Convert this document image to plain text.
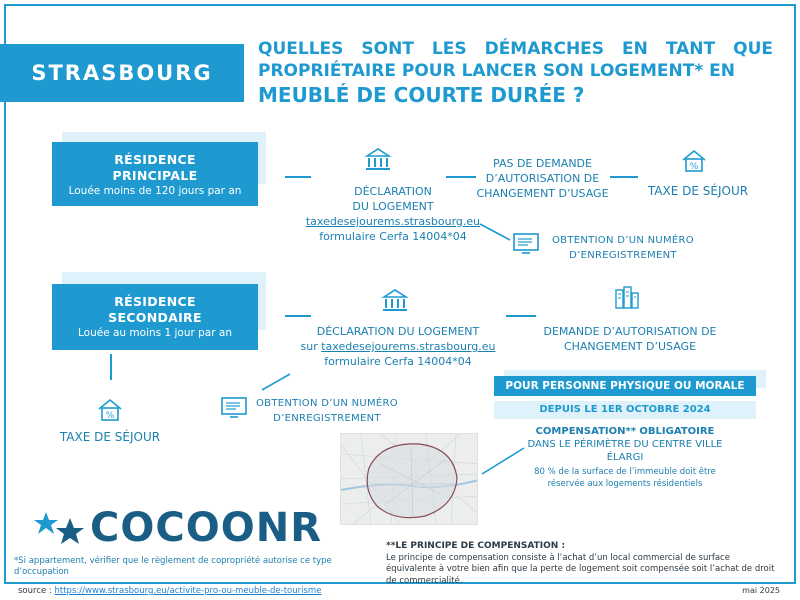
STRASBOURG
QUELLES SONT LES DÉMARCHES EN TANT QUE
PROPRIÉTAIRE POUR LANCER SON LOGEMENT* EN
MEUBLÉ DE COURTE DURÉE ?
RÉSIDENCE
PRINCIPALE
Louée moins de 120 jours par an	DÉCLARATION
DU LOGEMENT
taxedesejourems.strasbourg.eu
formulaire Cerfa 14004*04
PAS DE DEMANDE
D’AUTORISATION DE
CHANGEMENT D’USAGE
%
TAXE DE SÉJOUR
OBTENTION D’UN NUMÉRO
D’ENREGISTREMENT
RÉSIDENCE
SECONDAIRE
Louée au moins 1 jour par an	DÉCLARATION DU LOGEMENT
sur taxedesejourems.strasbourg.eu
formulaire Cerfa 14004*04
DEMANDE D’AUTORISATION DE
CHANGEMENT D’USAGE
POUR PERSONNE PHYSIQUE OU MORALE
DEPUIS LE 1ER OCTOBRE 2024
COMPENSATION** OBLIGATOIRE
DANS LE PÉRIMÈTRE DU CENTRE VILLE
ÉLARGI
80 % de la surface de l’immeuble doit être
réservée aux logements résidentiels
%
TAXE DE SÉJOUR
OBTENTION D’UN NUMÉRO
D’ENREGISTREMENT
COCOONR
*Si appartement, vérifier que le règlement de copropriété autorise ce type d’occupation
**LE PRINCIPE DE COMPENSATION :
Le principe de compensation consiste à l’achat d’un local commercial de surface équivalente à votre bien afin que la perte de logement soit compensée soit l’achat de droit de commercialité.
source : https://www.strasbourg.eu/activite-pro-ou-meuble-de-tourisme	mai 2025
